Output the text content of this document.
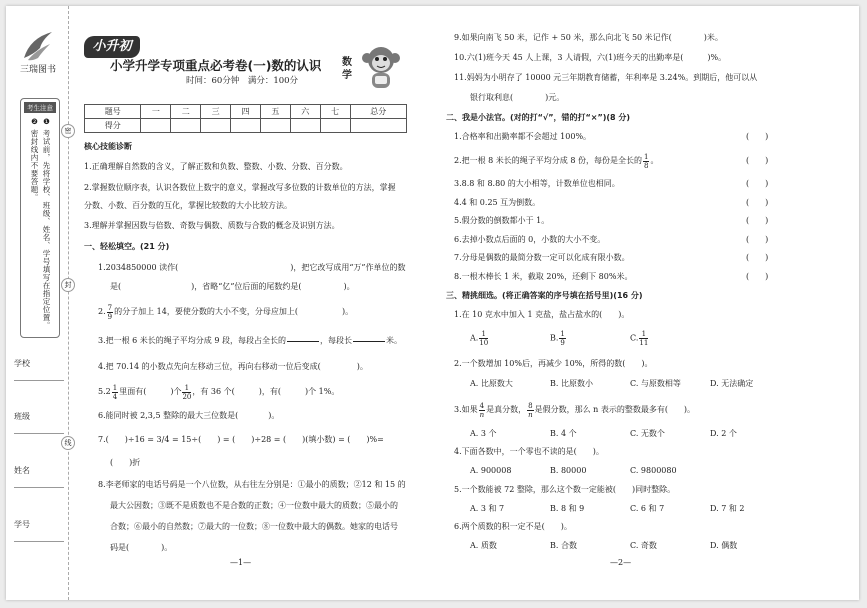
三瑞图书
考生注意
❶ 考试前，先将学校、班级、姓名、学号填写在指定位置。
❷ 密封线内不要答题。
学校
班级
姓名
学号
密
封
线
小升初
小学升学专项重点必考卷(一)数的认识
时间：60分钟　满分：100分
数学
题号	一	二	三	四	五	六	七	总分
得分								
核心技能诊断
1.正确理解自然数的含义，了解正数和负数、整数、小数、分数、百分数。
2.掌握数位顺序表，认识各数位上数字的意义，掌握改写多位数的计数单位的方法，掌握
分数、小数、百分数的互化，掌握比较数的大小比较方法。
3.理解并掌握因数与倍数、奇数与偶数、质数与合数的概念及识别方法。
一、轻松填空。(21 分)
1.2034850000 读作(	)，把它改写成用“万”作单位的数
是(	)，省略“亿”位后面的尾数约是(	)。
2. $\frac{7}{9}$ 的分子加上 14，要使分数的大小不变，分母应加上(	)。
3.把一根 6 米长的绳子平均分成 9 段，每段占全长的	，每段长	米。
4.把 70.14 的小数点先向左移动三位，再向右移动一位后变成(	)。
$5.2 \frac{1}{4}$ 里面有(	)个 $\frac{1}{20}$ ，有 36 个(	)，有(	)个 1%。
6.能同时被 2,3,5 整除的最大三位数是(	)。
7.(　　)÷16 = 3/4 = 15÷(　　) = (　　)÷28 = (　　)(填小数) = (　　)%=
(　　)折
8.李老师家的电话号码是一个八位数，从右往左分别是：①最小的质数；②12 和 15 的
最大公因数；③既不是质数也不是合数的正数；④一位数中最大的质数；⑤最小的
合数；⑥最小的自然数；⑦最大的一位数；⑧一位数中最大的偶数。她家的电话号
码是(　　　　)。
—1—
9.如果向南飞 50 米，记作 + 50 米，那么向北飞 50 米记作(　　　　)米。
10.六(1)班今天 45 人上课，3 人请假，六(1)班今天的出勤率是(　　　)%。
11.妈妈为小明存了 10000 元三年期教育储蓄，年利率是 3.24%。到期后，他可以从
银行取利息(　　　　)元。
二、我是小法官。(对的打“√”，错的打“×”)(8 分)
1.合格率和出勤率都不会超过 100%。
2.把一根 8 米长的绳子平均分成 8 份，每份是全长的 $\frac{1}{8}$ 。
3.8.8 和 8.80 的大小相等，计数单位也相同。
4.4 和 0.25 互为倒数。
5.假分数的倒数都小于 1。
6.去掉小数点后面的 0，小数的大小不变。
7.分母是偶数的最简分数一定可以化成有限小数。
8.一根木棒长 1 米，截取 20%，还剩下 80%米。
(　　)
(　　)
(　　)
(　　)
(　　)
(　　)
(　　)
(　　)
三、精挑细选。(将正确答案的序号填在括号里)(16 分)
1.在 10 克水中加入 1 克盐，盐占盐水的(　　)。
A. $\frac{1}{10}$	B. $\frac{1}{9}$	C. $\frac{1}{11}$
2.一个数增加 10%后，再减少 10%，所得的数(　　)。
A. 比原数大	B. 比原数小	C. 与原数相等	D. 无法确定
3.如果 $\frac{4}{n}$ 是真分数， $\frac{8}{n}$ 是假分数，那么 n 表示的整数最多有(　　)。
A. 3 个	B. 4 个	C. 无数个	D. 2 个
4.下面各数中，一个零也不读的是(　　)。
A. 900008	B. 80000	C. 9800080
5.一个数能被 72 整除，那么这个数一定能被(　　)同时整除。
A. 3 和 7	B. 8 和 9	C. 6 和 7	D. 7 和 2
6.两个质数的积一定不是(　　)。
A. 质数	B. 合数	C. 奇数	D. 偶数
—2—
